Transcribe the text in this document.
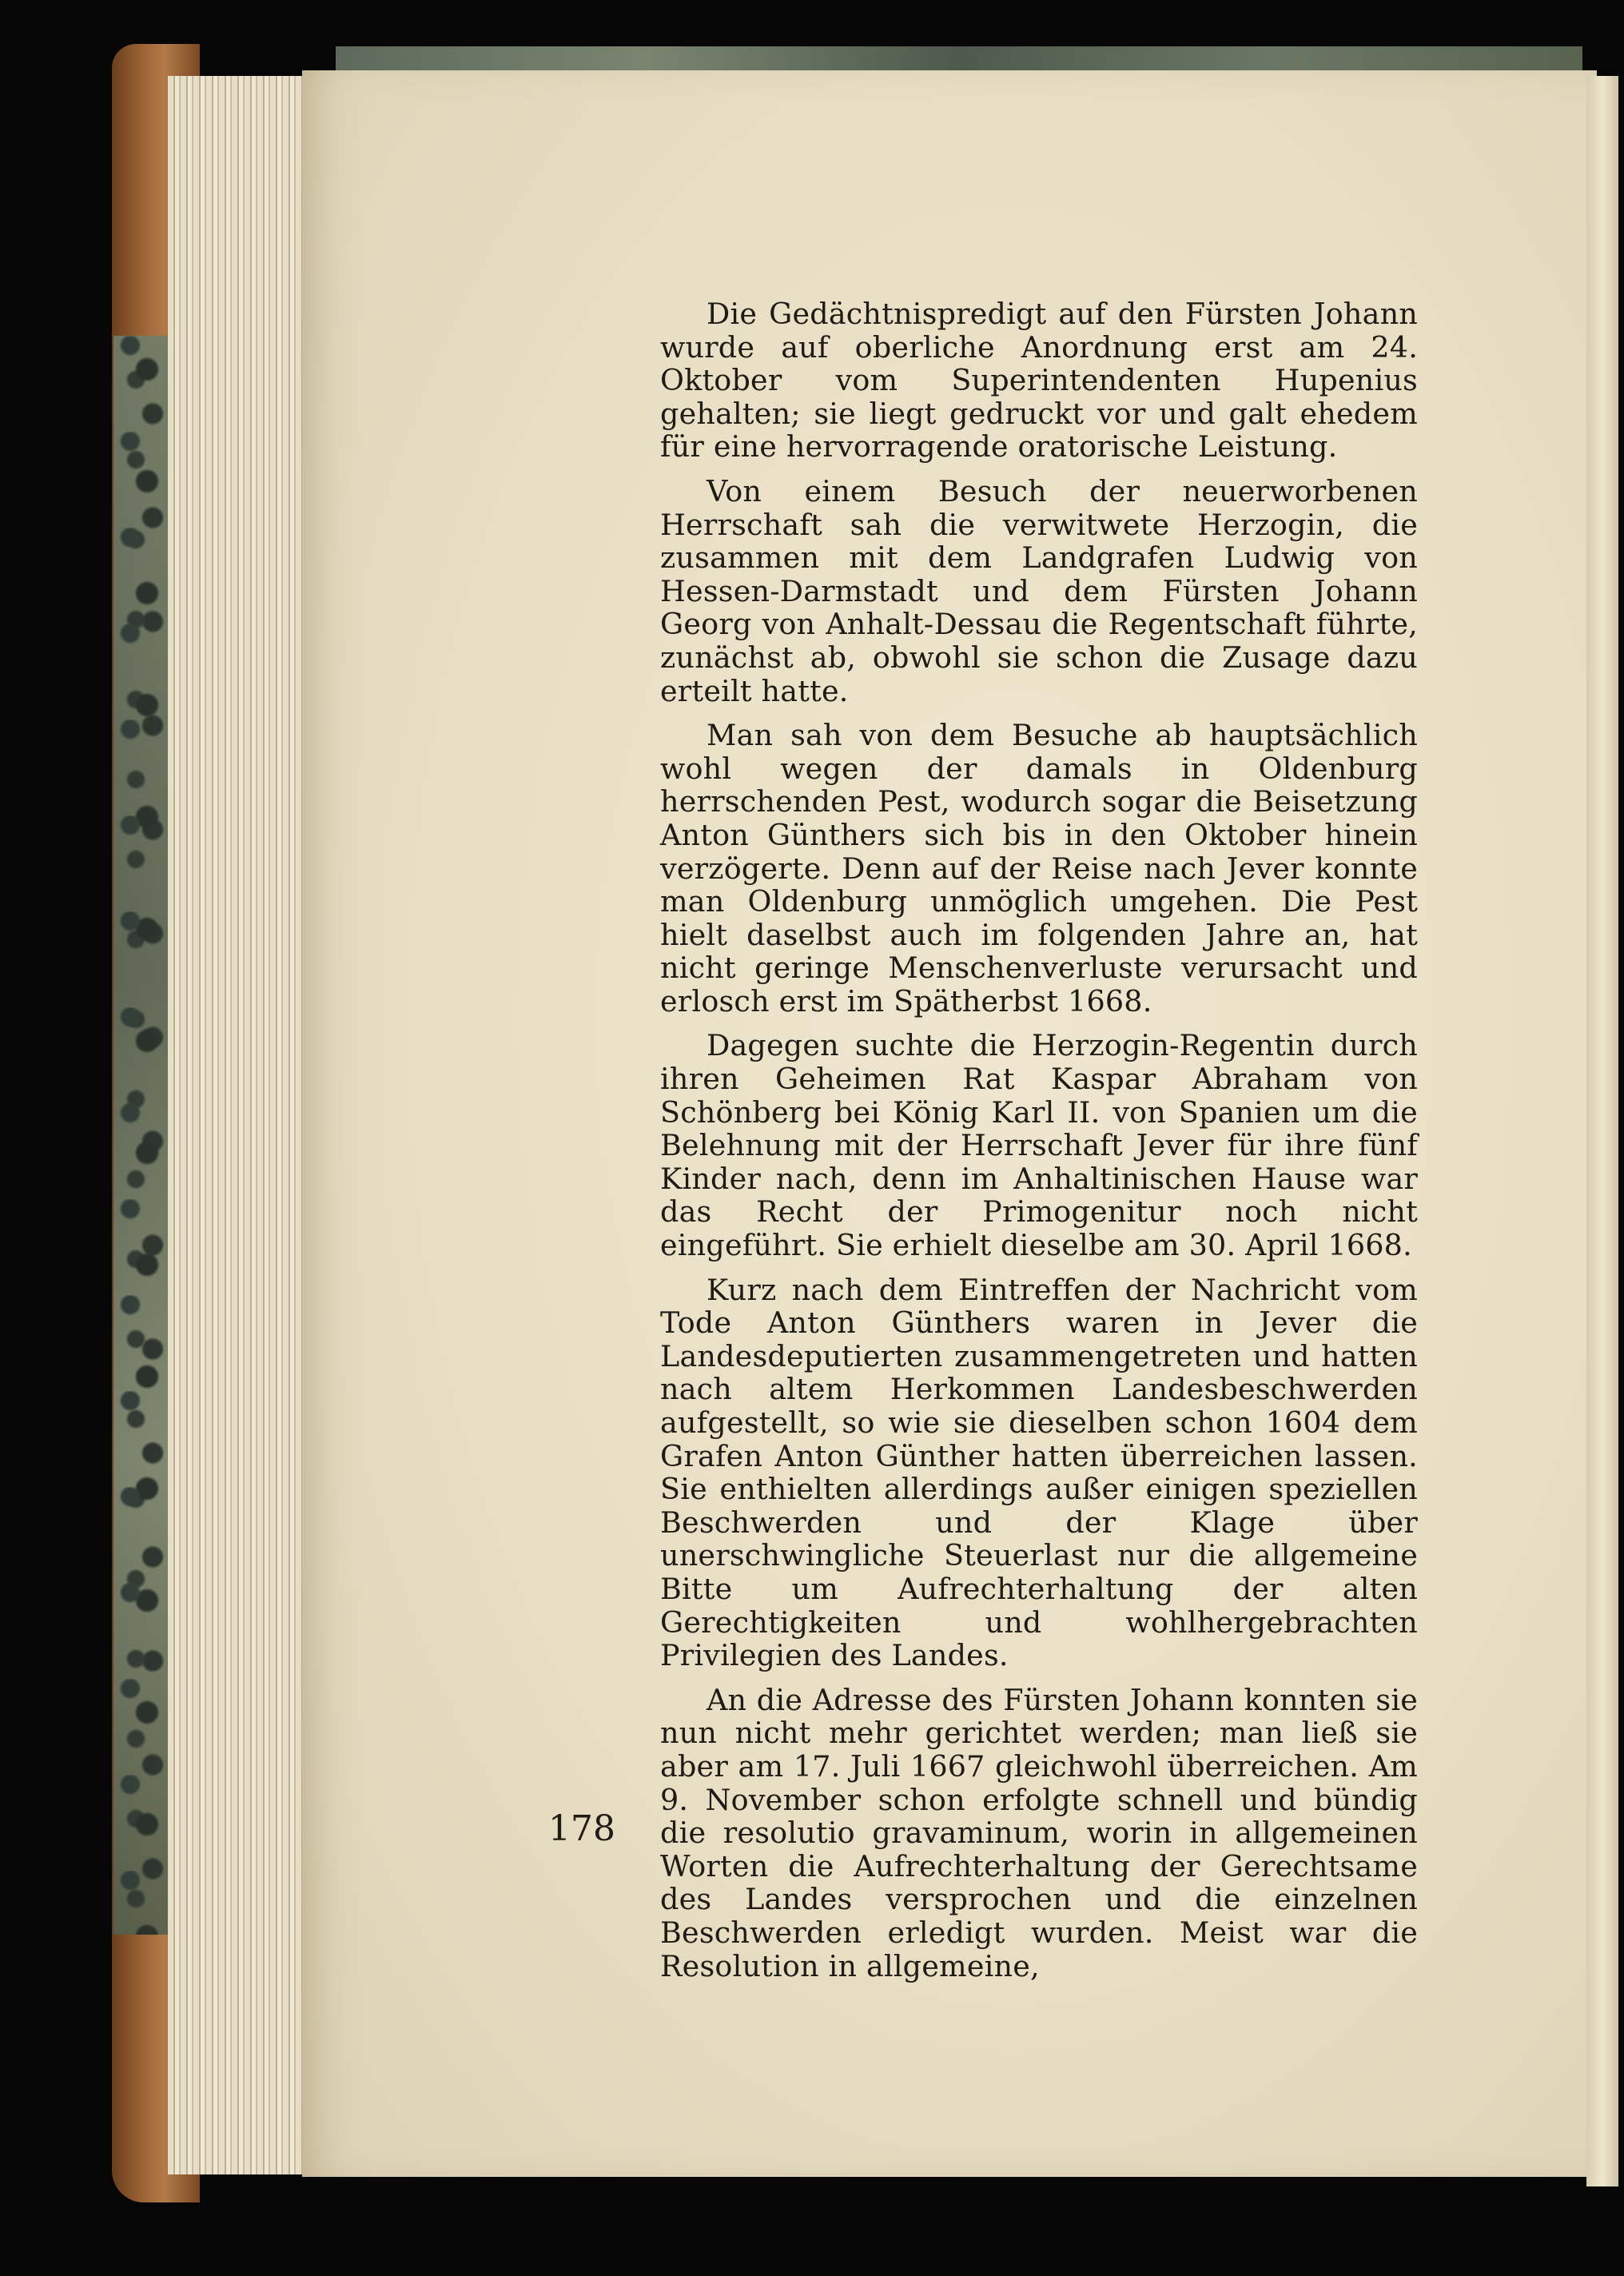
Die Gedächtnispredigt auf den Fürsten Johann wurde auf oberliche Anordnung erst am 24. Oktober vom Superintendenten Hupenius gehalten; sie liegt gedruckt vor und galt ehedem für eine hervorragende oratorische Leistung.

Von einem Besuch der neuerworbenen Herrschaft sah die verwitwete Herzogin, die zusammen mit dem Landgrafen Ludwig von Hessen-Darmstadt und dem Fürsten Johann Georg von Anhalt-Dessau die Regentschaft führte, zunächst ab, obwohl sie schon die Zusage dazu erteilt hatte.

Man sah von dem Besuche ab hauptsächlich wohl wegen der damals in Oldenburg herrschenden Pest, wodurch sogar die Beisetzung Anton Günthers sich bis in den Oktober hinein verzögerte. Denn auf der Reise nach Jever konnte man Oldenburg unmöglich umgehen. Die Pest hielt daselbst auch im folgenden Jahre an, hat nicht geringe Menschenverluste verursacht und erlosch erst im Spätherbst 1668.

Dagegen suchte die Herzogin-Regentin durch ihren Geheimen Rat Kaspar Abraham von Schönberg bei König Karl II. von Spanien um die Belehnung mit der Herrschaft Jever für ihre fünf Kinder nach, denn im Anhaltinischen Hause war das Recht der Primogenitur noch nicht eingeführt. Sie erhielt dieselbe am 30. April 1668.

Kurz nach dem Eintreffen der Nachricht vom Tode Anton Günthers waren in Jever die Landesdeputierten zusammengetreten und hatten nach altem Herkommen Landesbeschwerden aufgestellt, so wie sie dieselben schon 1604 dem Grafen Anton Günther hatten überreichen lassen. Sie enthielten allerdings außer einigen speziellen Beschwerden und der Klage über unerschwingliche Steuerlast nur die allgemeine Bitte um Aufrechterhaltung der alten Gerechtigkeiten und wohlhergebrachten Privilegien des Landes.

An die Adresse des Fürsten Johann konnten sie nun nicht mehr gerichtet werden; man ließ sie aber am 17. Juli 1667 gleichwohl überreichen. Am 9. November schon erfolgte schnell und bündig die resolutio gravaminum, worin in allgemeinen Worten die Aufrechterhaltung der Gerechtsame des Landes versprochen und die einzelnen Beschwerden erledigt wurden. Meist war die Resolution in allgemeine,

178
